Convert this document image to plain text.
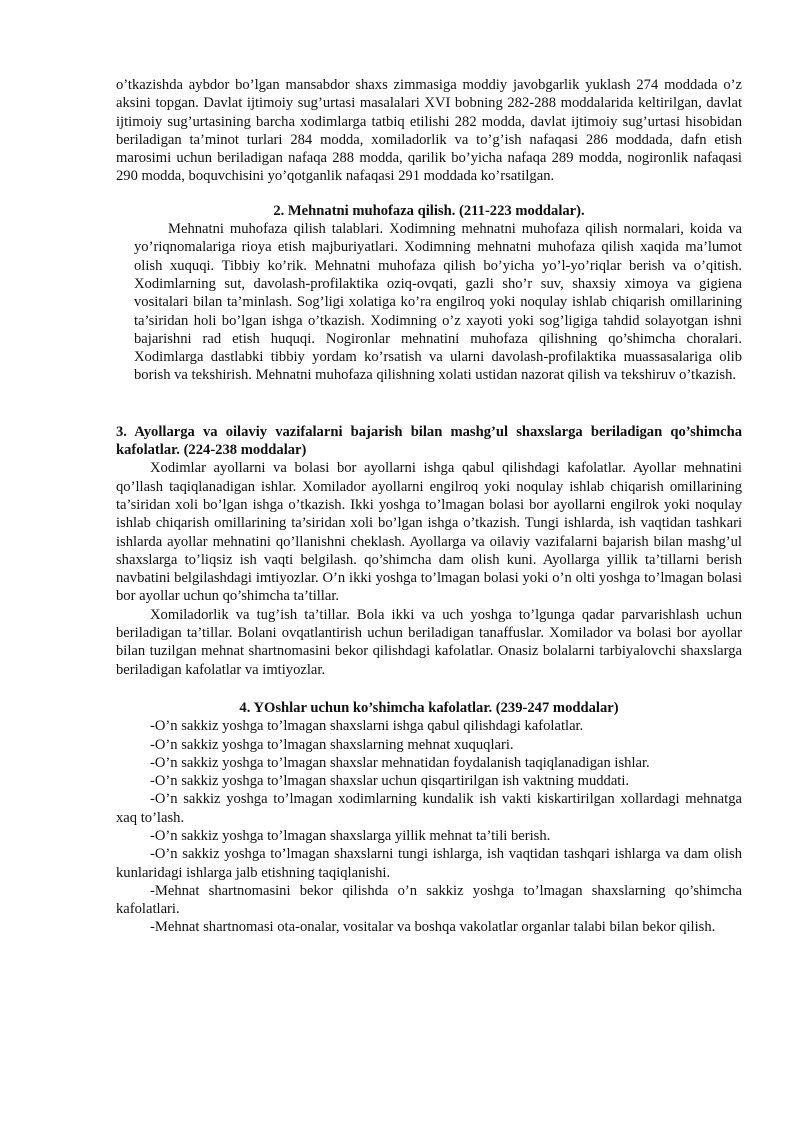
o’tkazishda aybdor bo’lgan mansabdor shaxs zimmasiga moddiy javobgarlik yuklash 274 moddada o’z aksini topgan. Davlat ijtimoiy sug’urtasi masalalari XVI bobning 282-288 moddalarida keltirilgan, davlat ijtimoiy sug’urtasining barcha xodimlarga tatbiq etilishi 282 modda, davlat ijtimoiy sug’urtasi hisobidan beriladigan ta’minot turlari 284 modda, xomiladorlik va to’g’ish nafaqasi 286 moddada, dafn etish marosimi uchun beriladigan nafaqa 288 modda, qarilik bo’yicha nafaqa 289 modda, nogironlik nafaqasi 290 modda, boquvchisini yo’qotganlik nafaqasi 291 moddada ko’rsatilgan.

2. Mehnatni muhofaza qilish. (211-223 moddalar).

Mehnatni muhofaza qilish talablari. Xodimning mehnatni muhofaza qilish normalari, koida va yo’riqnomalariga rioya etish majburiyatlari. Xodimning mehnatni muhofaza qilish xaqida ma’lumot olish xuquqi. Tibbiy ko’rik. Mehnatni muhofaza qilish bo’yicha yo’l-yo’riqlar berish va o’qitish. Xodimlarning sut, davolash-profilaktika oziq-ovqati, gazli sho’r suv, shaxsiy ximoya va gigiena vositalari bilan ta’minlash. Sog’ligi xolatiga ko’ra engilroq yoki noqulay ishlab chiqarish omillarining ta’siridan holi bo’lgan ishga o’tkazish. Xodimning o’z xayoti yoki sog’ligiga tahdid solayotgan ishni bajarishni rad etish huquqi. Nogironlar mehnatini muhofaza qilishning qo’shimcha choralari. Xodimlarga dastlabki tibbiy yordam ko’rsatish va ularni davolash-profilaktika muassasalariga olib borish va tekshirish. Mehnatni muhofaza qilishning xolati ustidan nazorat qilish va tekshiruv o’tkazish.

3. Ayollarga va oilaviy vazifalarni bajarish bilan mashg’ul shaxslarga beriladigan qo’shimcha kafolatlar. (224-238 moddalar)

Xodimlar ayollarni va bolasi bor ayollarni ishga qabul qilishdagi kafolatlar. Ayollar mehnatini qo’llash taqiqlanadigan ishlar. Xomilador ayollarni engilroq yoki noqulay ishlab chiqarish omillarining ta’siridan xoli bo’lgan ishga o’tkazish. Ikki yoshga to’lmagan bolasi bor ayollarni engilrok yoki noqulay ishlab chiqarish omillarining ta’siridan xoli bo’lgan ishga o’tkazish. Tungi ishlarda, ish vaqtidan tashkari ishlarda ayollar mehnatini qo’llanishni cheklash. Ayollarga va oilaviy vazifalarni bajarish bilan mashg’ul shaxslarga to’liqsiz ish vaqti belgilash. qo’shimcha dam olish kuni. Ayollarga yillik ta’tillarni berish navbatini belgilashdagi imtiyozlar. O’n ikki yoshga to’lmagan bolasi yoki o’n olti yoshga to’lmagan bolasi bor ayollar uchun qo’shimcha ta’tillar.

Xomiladorlik va tug’ish ta’tillar. Bola ikki va uch yoshga to’lgunga qadar parvarishlash uchun beriladigan ta’tillar. Bolani ovqatlantirish uchun beriladigan tanaffuslar. Xomilador va bolasi bor ayollar bilan tuzilgan mehnat shartnomasini bekor qilishdagi kafolatlar. Onasiz bolalarni tarbiyalovchi shaxslarga beriladigan kafolatlar va imtiyozlar.

4. YOshlar uchun ko’shimcha kafolatlar. (239-247 moddalar)

-O’n sakkiz yoshga to’lmagan shaxslarni ishga qabul qilishdagi kafolatlar.

-O’n sakkiz yoshga to’lmagan shaxslarning mehnat xuquqlari.

-O’n sakkiz yoshga to’lmagan shaxslar mehnatidan foydalanish taqiqlanadigan ishlar.

-O’n sakkiz yoshga to’lmagan shaxslar uchun qisqartirilgan ish vaktning muddati.

-O’n sakkiz yoshga to’lmagan xodimlarning kundalik ish vakti kiskartirilgan xollardagi mehnatga xaq to’lash.

-O’n sakkiz yoshga to’lmagan shaxslarga yillik mehnat ta’tili berish.

-O’n sakkiz yoshga to’lmagan shaxslarni tungi ishlarga, ish vaqtidan tashqari ishlarga va dam olish kunlaridagi ishlarga jalb etishning taqiqlanishi.

-Mehnat shartnomasini bekor qilishda o’n sakkiz yoshga to’lmagan shaxslarning qo’shimcha kafolatlari.

-Mehnat shartnomasi ota-onalar, vositalar va boshqa vakolatlar organlar talabi bilan bekor qilish.
